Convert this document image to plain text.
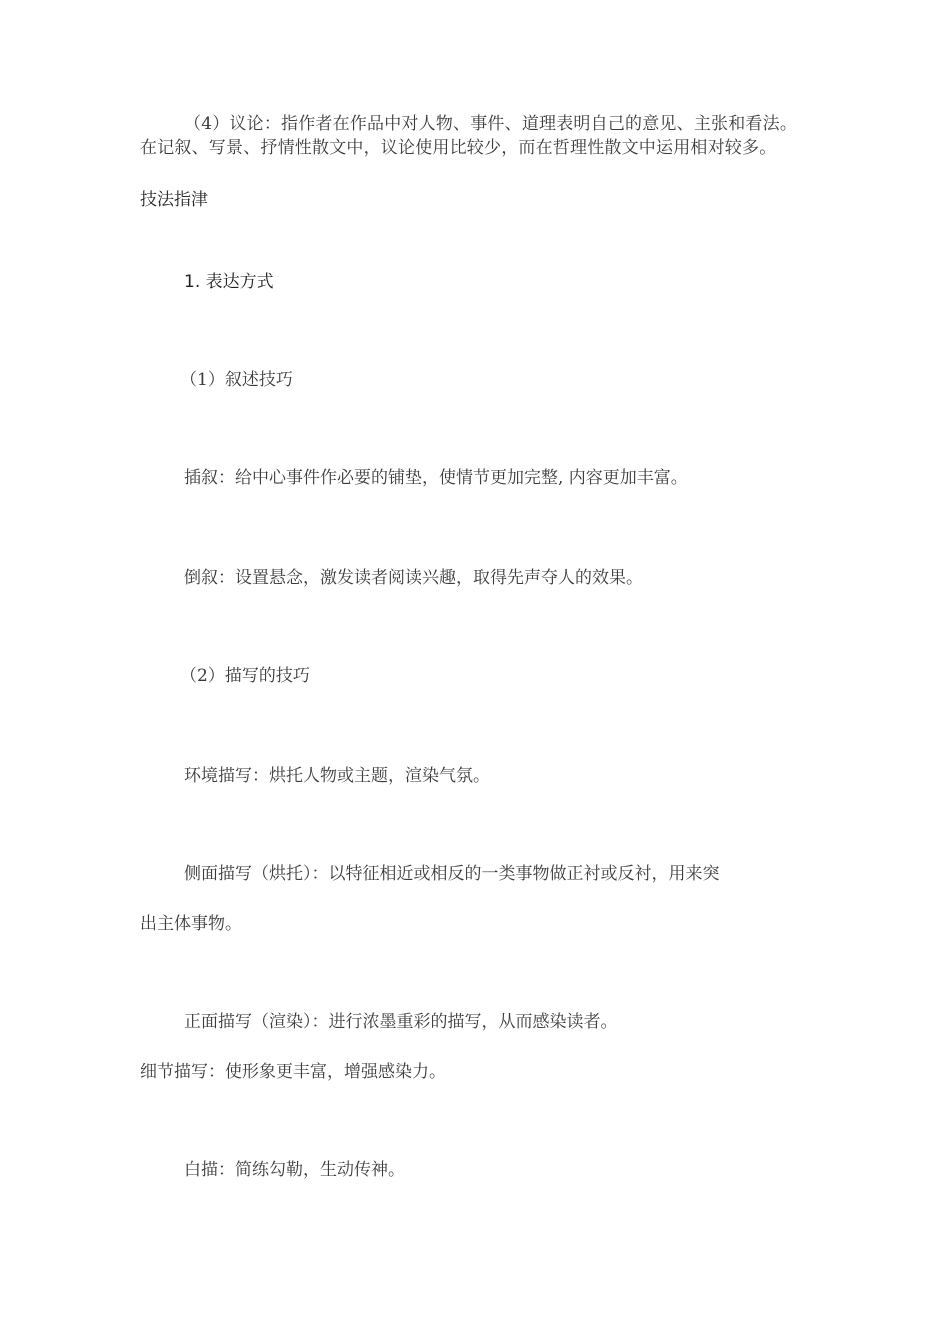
（4）议论：指作者在作品中对人物、事件、道理表明自己的意见、主张和看法。在记叙、写景、抒情性散文中，议论使用比较少，而在哲理性散文中运用相对较多。
技法指津
1. 表达方式
（1）叙述技巧
插叙：给中心事件作必要的铺垫，使情节更加完整, 内容更加丰富。
倒叙：设置悬念，激发读者阅读兴趣，取得先声夺人的效果。
（2）描写的技巧
环境描写：烘托人物或主题，渲染气氛。
侧面描写（烘托）：以特征相近或相反的一类事物做正衬或反衬，用来突
出主体事物。
正面描写（渲染）：进行浓墨重彩的描写，从而感染读者。
细节描写：使形象更丰富，增强感染力。
白描：简练勾勒，生动传神。
